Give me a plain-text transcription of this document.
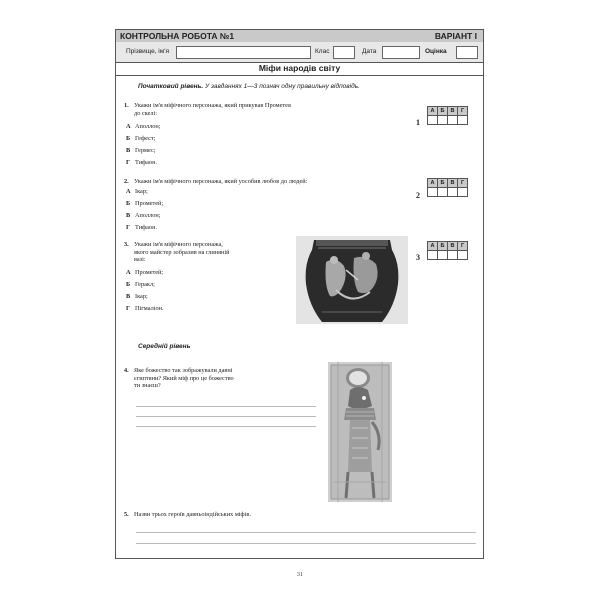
КОНТРОЛЬНА РОБОТА №1	ВАРІАНТ І
Прізвище, ім'я	Клас	Дата	Оцінка
Міфи народів світу
Початковий рівень. У завданнях 1—3 познач одну правильну відповідь.
1. Укажи ім'я міфічного персонажа, який прикував Прометея
до скелі:
А Аполлон;
Б Гефест;
В Гермес;
Г Тифаон.
1
А	Б	В	Г

2. Укажи ім'я міфічного персонажа, який уособив любов до людей:
А Ікар;
Б Прометей;
В Аполлон;
Г Тифаон.
2
А	Б	В	Г

3. Укажи ім'я міфічного персонажа,
якого майстер зобразив на глиняній
вазі:
А Прометей;
Б Геракл;
В Ікар;
Г Пігмаліон.
3
А	Б	В	Г

Середній рівень
4. Яке божество так зображували давні
єгиптяни? Який міф про це божество
ти знаєш?
5. Назви трьох героїв давньоіндійських міфів.
31
